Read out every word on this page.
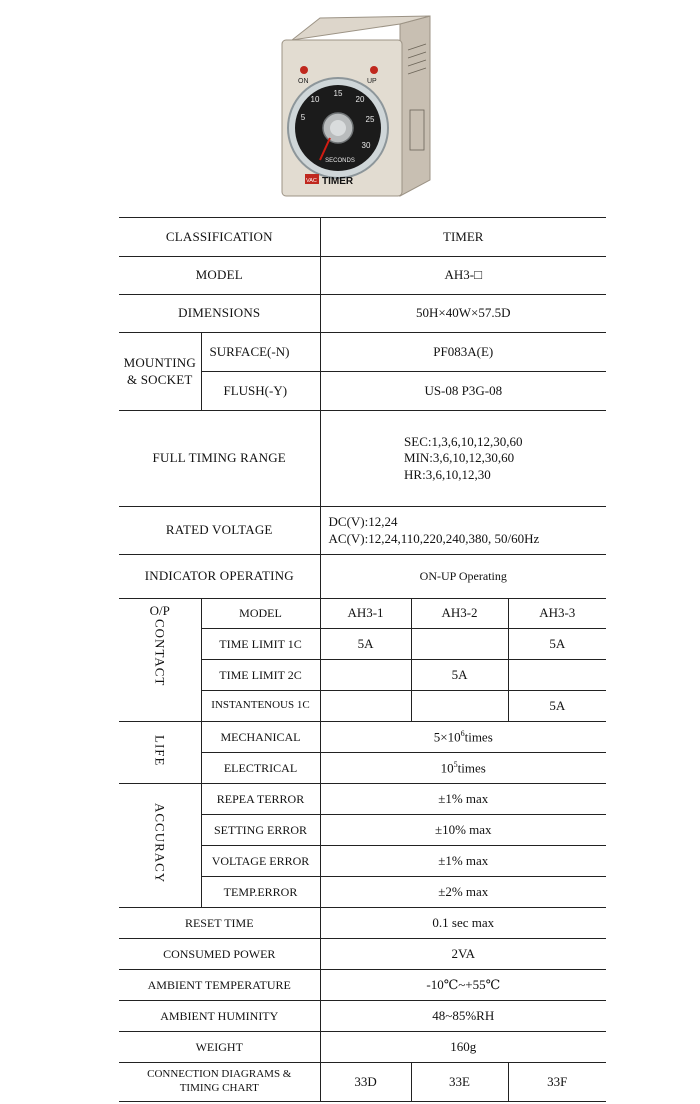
ON	UP
5
10
15
20
25
30
SECONDS
VAC TIMER
CLASSIFICATION		TIMER		
MODEL		AH3-□		
DIMENSIONS		50H×40W×57.5D		

MOUNTING
& SOCKET	SURFACE(-N)	PF083A(E)		
	FLUSH(-Y)	US-08 P3G-08		
FULL TIMING RANGE		SEC:1,3,6,10,12,30,60
MIN:3,6,10,12,30,60
HR:3,6,10,12,30		

RATED VOLTAGE		DC(V):12,24
AC(V):12,24,110,220,240,380, 50/60Hz		

INDICATOR OPERATING		ON-UP Operating		

O/P
CONTACT	MODEL	AH3-1	AH3-2	AH3-3
	TIME LIMIT 1C	5A		5A
	TIME LIMIT 2C		5A	
	INSTANTENOUS 1C			5A
LIFE	MECHANICAL	$5\times 10^6times$		
	ELECTRICAL	$10^5times$		
ACCURACY	REPEA TERROR	±1% max		
	SETTING ERROR	±10% max		
	VOLTAGE ERROR	±1% max		
	TEMP.ERROR	±2% max		
RESET TIME		0.1 sec max		
CONSUMED POWER		2VA		
AMBIENT TEMPERATURE		-10℃~+55℃		
AMBIENT HUMINITY		48~85%RH		
WEIGHT		160g		

CONNECTION DIAGRAMS &
TIMING CHART		33D	33E	33F
